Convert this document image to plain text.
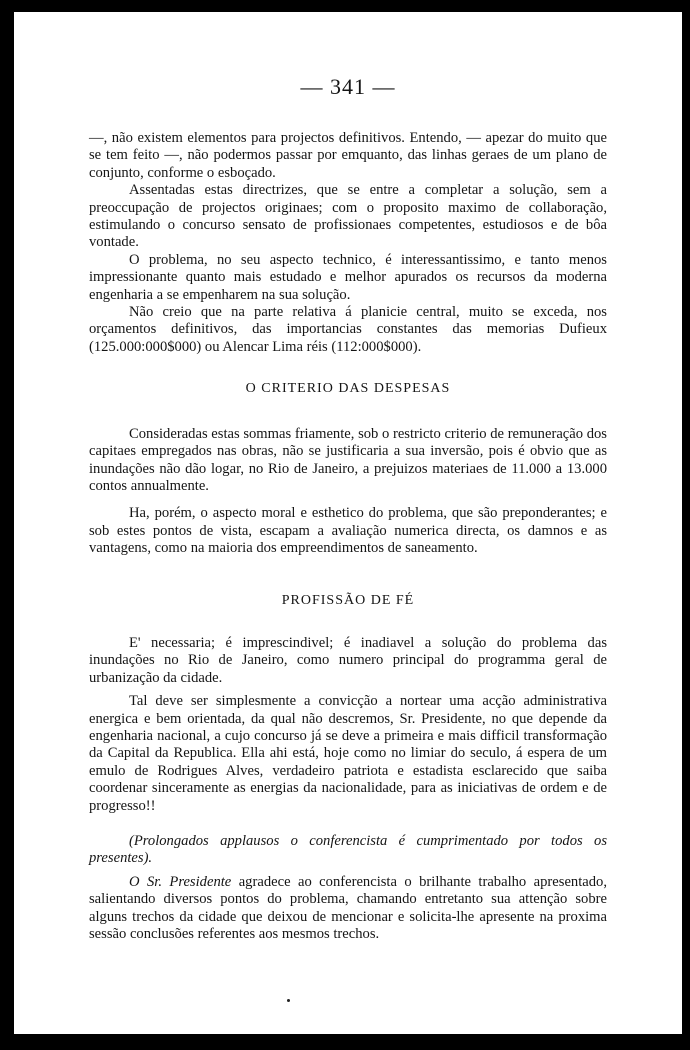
— 341 —

—, não existem elementos para projectos definitivos. Entendo, — apezar do muito que se tem feito —, não podermos passar por emquanto, das linhas geraes de um plano de conjunto, conforme o esboçado.

Assentadas estas directrizes, que se entre a completar a solução, sem a preoccupação de projectos originaes; com o proposito maximo de collaboração, estimulando o concurso sensato de profissionaes competentes, estudiosos e de bôa vontade.

O problema, no seu aspecto technico, é interessantissimo, e tanto menos impressionante quanto mais estudado e melhor apurados os recursos da moderna engenharia a se empenharem na sua solução.

Não creio que na parte relativa á planicie central, muito se exceda, nos orçamentos definitivos, das importancias constantes das memorias Dufieux (125.000:000$000) ou Alencar Lima réis (112:000$000).

O CRITERIO DAS DESPESAS

Consideradas estas sommas friamente, sob o restricto criterio de remuneração dos capitaes empregados nas obras, não se justificaria a sua inversão, pois é obvio que as inundações não dão logar, no Rio de Janeiro, a prejuizos materiaes de 11.000 a 13.000 contos annualmente.

Ha, porém, o aspecto moral e esthetico do problema, que são preponderantes; e sob estes pontos de vista, escapam a avaliação numerica directa, os damnos e as vantagens, como na maioria dos empreendimentos de saneamento.

PROFISSÃO DE FÉ

E' necessaria; é imprescindivel; é inadiavel a solução do problema das inundações no Rio de Janeiro, como numero principal do programma geral de urbanização da cidade.

Tal deve ser simplesmente a convicção a nortear uma acção administrativa energica e bem orientada, da qual não descremos, Sr. Presidente, no que depende da engenharia nacional, a cujo concurso já se deve a primeira e mais difficil transformação da Capital da Republica. Ella ahi está, hoje como no limiar do seculo, á espera de um emulo de Rodrigues Alves, verdadeiro patriota e estadista esclarecido que saiba coordenar sinceramente as energias da nacionalidade, para as iniciativas de ordem e de progresso!!

(Prolongados applausos o conferencista é cumprimentado por todos os presentes).

O Sr. Presidente agradece ao conferencista o brilhante trabalho apresentado, salientando diversos pontos do problema, chamando entretanto sua attenção sobre alguns trechos da cidade que deixou de mencionar e solicita-lhe apresente na proxima sessão conclusões referentes aos mesmos trechos.
